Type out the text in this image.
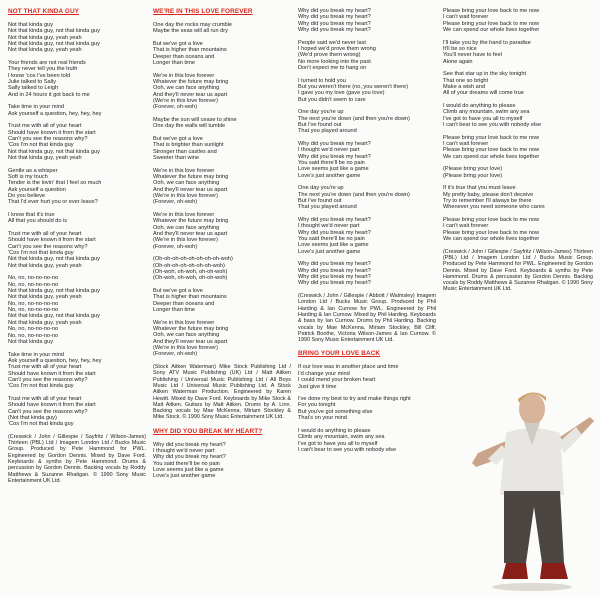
NOT THAT KINDA GUY
Not that kinda guy
Not that kinda guy, not that kinda guy
Not that kinda guy, yeah yeah
Not that kinda guy, not that kinda guy
Not that kinda guy, yeah yeah
Your friends are not real friends
They never tell you the truth
I know 'cos I've been told
Julie talked to Sally
Sally talked to Leigh
And in 24 hours it got back to me
Take time in your mind
Ask yourself a question, hey, hey, hey
Trust me with all of your heart
Should have known it from the start
Can't you see the reasons why?
'Cos I'm not that kinda guy
Not that kinda guy, not that kinda guy
Not that kinda guy, yeah yeah
Gentle as a whisper
Soft is my touch
Tender is the lovin' that I feel so much
Ask yourself a question
Do you believe
That I'd ever hurt you or ever leave?
I know that it's true
All that you should do is
Trust me with all of your heart
Should have known it from the start
Can't you see the reasons why?
'Cos I'm not that kinda guy
Not that kinda guy, not that kinda guy
Not that kinda guy, yeah yeah
No, no, no-no-no-no
No, no, no-no-no-no
Not that kinda guy, not that kinda guy
Not that kinda guy, yeah yeah
No, no, no-no-no-no
No, no, no-no-no-no
Not that kinda guy, not that kinda guy
Not that kinda guy, yeah yeah
No, no, no-no-no-no
No, no, no-no-no-no
Not that kinda guy
Take time in your mind
Ask yourself a question, hey, hey, hey
Trust me with all of your heart
Should have known it from the start
Can't you see the reasons why?
'Cos I'm not that kinda guy
Trust me with all of your heart
Should have known it from the start
Can't you see the reasons why?
(Not that kinda guy)
'Cos I'm not that kinda guy
(Creswick / John / Gillespie / Sayfritz / Wilson-James) Thirteen (PBL) Ltd / Imagem London Ltd / Bucks Music Group. Produced by Pete Hammond for PWL. Engineered by Gordon Dennis. Mixed by Dave Ford. Keyboards & synths by Pete Hammond. Drums & percussion by Gordon Dennis. Backing vocals by Roddy Matthews & Suzanne Rhatigan. © 1990 Sony Music Entertainment UK Ltd.
WE'RE IN THIS LOVE FOREVER
One day the rocks may crumble
Maybe the seas will all run dry
But we've got a love
That is higher than mountains
Deeper than oceans and
Longer than time
We're in this love forever
Whatever the future may bring
Ooh, we can face anything
And they'll never tear us apart
(We're in this love forever)
(Forever, oh-woh)
Maybe the sun will cease to shine
One day the walls will tumble
But we've got a love
That is brighter than sunlight
Stronger than castles and
Sweeter than wine
We're in this love forever
Whatever the future may bring
Ooh, we can face anything
And they'll never tear us apart
(We're in this love forever)
(Forever, oh-woh)
We're in this love forever
Whatever the future may bring
Ooh, we can face anything
And they'll never tear us apart
(We're in this love forever)
(Forever, oh-woh)
(Oh-oh-oh-oh-oh-oh-oh-oh-woh)
(Oh-oh-oh-oh-oh-oh-oh-woh)
(Oh-woh, oh-woh, oh-oh-woh)
(Oh-woh, oh-woh, oh-oh-woh)
But we've got a love
That is higher than mountains
Deeper than oceans and
Longer than time
We're in this love forever
Whatever the future may bring
Ooh, we can face anything
And they'll never tear us apart
(We're in this love forever)
(Forever, oh-woh)
(Stock Aitken Waterman) Mike Stock Publishing Ltd / Sony ATV Music Publishing (UK) Ltd / Matt Aitken Publishing / Universal Music Publishing Ltd / All Boys Music Ltd / Universal Music Publishing Ltd. A Stock Aitken Waterman Production. Engineered by Karen Hewitt. Mixed by Dave Ford. Keyboards by Mike Stock & Matt Aitken. Guitars by Matt Aitken. Drums by A. Linn. Backing vocals by Mae McKenna, Miriam Stockley & Mike Stock. © 1990 Sony Music Entertainment UK Ltd.
WHY DID YOU BREAK MY HEART?
Why did you break my heart?
I thought we'd never part
Why did you break my heart?
You said there'll be no pain
Love seems just like a game
Love's just another game
Why did you break my heart?
Why did you break my heart?
Why did you break my heart?
Why did you break my heart?
People said we'd never last
I hoped we'd prove them wrong
(We'd prove them wrong)
No more looking into the past
Don't expect me to hang on
I turned to hold you
But you weren't there (no, you weren't there)
I gave you my love (gave you love)
But you didn't seem to care
One day you're up
The next you're down (and then you're down)
But I've found out
That you played around
Why did you break my heart?
I thought we'd never part
Why did you break my heart?
You said there'll be no pain
Love seems just like a game
Love's just another game
One day you're up
The next you're down (and then you're down)
But I've found out
That you played around
Why did you break my heart?
I thought we'd never part
Why did you break my heart?
You said there'll be no pain
Love seems just like a game
Love's just another game
Why did you break my heart?
Why did you break my heart?
Why did you break my heart?
Why did you break my heart?
(Creswick / John / Gillespie / Abbott / Walmsley) Imagem London Ltd / Bucks Music Group. Produced by Phil Harding & Ian Curnow for PWL. Engineered by Phil Harding & Ian Curnow. Mixed by Phil Harding. Keyboards & bass by Ian Curnow. Drums by Phil Harding. Backing vocals by Mae McKenna, Miriam Stockley, Bill Cliff, Patrick Boothe, Victoria Wilson-James & Ian Curnow. © 1990 Sony Music Entertainment UK Ltd.
BRING YOUR LOVE BACK
If our love was in another place and time
I'd change your mind
I could mend your broken heart
Just give it time
I've done my best to try and make things right
For you tonight
But you've got something else
That's on your mind
I would do anything to please
Climb any mountain, swim any sea
I've got to have you all to myself
I can't bear to see you with nobody else
Please bring your love back to me now
I can't wait forever
Please bring your love back to me now
We can spend our whole lives together
I'll take you by the hand to paradise
It'll be so nice
You'll never have to feel
Alone again
See that star up in the sky tonight
That one so bright
Make a wish and
All of your dreams will come true
I would do anything to please
Climb any mountain, swim any sea
I've got to have you all to myself
I can't bear to see you with nobody else
Please bring your love back to me now
I can't wait forever
Please bring your love back to me now
We can spend our whole lives together
(Please bring your love)
(Please bring your love)
If it's true that you must leave
My pretty baby, please don't deceive
Try to remember I'll always be there
Whenever you need someone who cares
Please bring your love back to me now
I can't wait forever
Please bring your love back to me now
We can spend our whole lives together
(Creswick / John / Gillespie / Sayfritz / Wilson-James) Thirteen (PBL) Ltd / Imagem London Ltd / Bucks Music Group. Produced by Pete Hammond for PWL. Engineered by Gordon Dennis. Mixed by Dave Ford. Keyboards & synths by Pete Hammond. Drums & percussion by Gordon Dennis. Backing vocals by Roddy Matthews & Suzanne Rhatigan. © 1990 Sony Music Entertainment UK Ltd.
